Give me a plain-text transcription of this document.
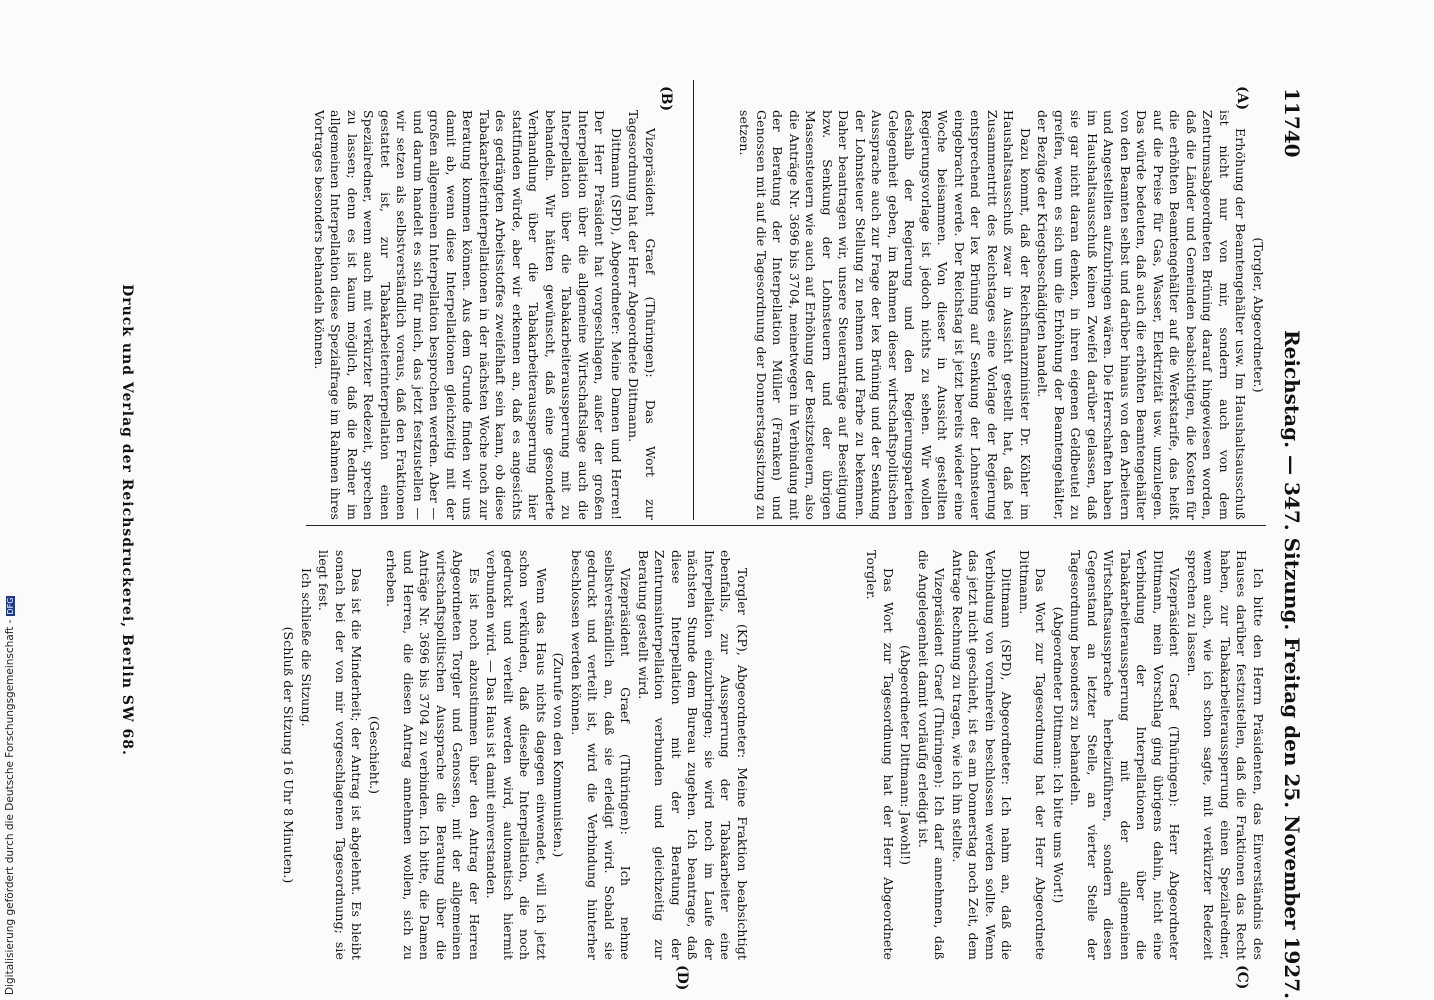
11740
Reichstag. — 347. Sitzung. Freitag den 25. November 1927.
(A)
(B)
(C)
(D)

(Torgler, Abgeordneter.)

Erhöhung der Beamtengehälter usw. Im Haushaltsausschuß ist nicht nur von mir, sondern auch von dem Zentrumsabgeordneten Brüning darauf hingewiesen worden, daß die Länder und Gemeinden beabsichtigen, die Kosten für die erhöhten Beamtengehälter auf die Werkstarife, das heißt auf die Preise für Gas, Wasser, Elektrizität usw. umzulegen. Das würde bedeuten, daß auch die erhöhten Beamtengehälter von den Beamten selbst und darüber hinaus von den Arbeitern und Angestellten aufzubringen wären. Die Herrschaften haben im Haushaltsausschuß keinen Zweifel darüber gelassen, daß sie gar nicht daran denken, in ihren eigenen Geldbeutel zu greifen, wenn es sich um die Erhöhung der Beamtengehälter, der Bezüge der Kriegsbeschädigten handelt.

Dazu kommt, daß der Reichsfinanzminister Dr. Köhler im Haushaltsausschuß zwar in Aussicht gestellt hat, daß bei Zusammentritt des Reichstages eine Vorlage der Regierung entsprechend der lex Brüning auf Senkung der Lohnsteuer eingebracht werde. Der Reichstag ist jetzt bereits wieder eine Woche beisammen. Von dieser in Aussicht gestellten Regierungsvorlage ist jedoch nichts zu sehen. Wir wollen deshalb der Regierung und den Regierungsparteien Gelegenheit geben, im Rahmen dieser wirtschaftspolitischen Aussprache auch zur Frage der lex Brüning und der Senkung der Lohnsteuer Stellung zu nehmen und Farbe zu bekennen. Daher beantragen wir, unsere Steueranträge auf Beseitigung bzw. Senkung der Lohnsteuern und der übrigen Massensteuern wie auch auf Erhöhung der Besitzsteuern, also die Anträge Nr. 3696 bis 3704, meinetwegen in Verbindung mit der Beratung der Interpellation Müller (Franken) und Genossen mit auf die Tagesordnung der Donnerstagssitzung zu setzen.

Vizepräsident Graef (Thüringen): Das Wort zur Tagesordnung hat der Herr Abgeordnete Dittmann.

Dittmann (SPD), Abgeordneter: Meine Damen und Herren! Der Herr Präsident hat vorgeschlagen, außer der großen Interpellation über die allgemeine Wirtschaftslage auch die Interpellation über die Tabakarbeiteraussperrung mit zu behandeln. Wir hätten gewünscht, daß eine gesonderte Verhandlung über die Tabakarbeiteraussperrung hier stattfinden würde, aber wir erkennen an, daß es angesichts des gedrängten Arbeitsstoffes zweifelhaft sein kann, ob diese Tabakarbeiterinterpellationen in der nächsten Woche noch zur Beratung kommen können. Aus dem Grunde finden wir uns damit ab, wenn diese Interpellationen gleichzeitig mit der großen allgemeinen Interpellation besprochen werden. Aber — und darum handelt es sich für mich, das jetzt festzustellen — wir setzen als selbstverständlich voraus, daß den Fraktionen gestattet ist, zur Tabakarbeiterinterpellation einen Spezialredner, wenn auch mit verkürzter Redezeit, sprechen zu lassen; denn es ist kaum möglich, daß die Redner im allgemeinen Interpellation diese Spezialfrage im Rahmen ihres Vortrages besonders behandeln können.

Ich bitte den Herrn Präsidenten, das Einverständnis des Hauses darüber festzustellen, daß die Fraktionen das Recht haben, zur Tabakarbeiteraussperrung einen Spezialredner, wenn auch, wie ich schon sagte, mit verkürzter Redezeit sprechen zu lassen.

Vizepräsident Graef (Thüringen): Herr Abgeordneter Dittmann, mein Vorschlag ging übrigens dahin, nicht eine Verbindung der Interpellationen über die Tabakarbeiteraussperrung mit der allgemeinen Wirtschaftsaussprache herbeizuführen, sondern diesen Gegenstand an letzter Stelle, an vierter Stelle der Tagesordnung besonders zu behandeln.

(Abgeordneter Dittmann: Ich bitte ums Wort!)

Das Wort zur Tagesordnung hat der Herr Abgeordnete Dittmann.

Dittmann (SPD), Abgeordneter: Ich nahm an, daß die Verbindung von vornherein beschlossen werden sollte. Wenn das jetzt nicht geschieht, ist es am Donnerstag noch Zeit, dem Antrage Rechnung zu tragen, wie ich ihn stellte.

Vizepräsident Graef (Thüringen): Ich darf annehmen, daß die Angelegenheit damit vorläufig erledigt ist.

(Abgeordneter Dittmann: Jawohl!)

Das Wort zur Tagesordnung hat der Herr Abgeordnete Torgler.

Torgler (KP), Abgeordneter: Meine Fraktion beabsichtigt ebenfalls, zur Aussperrung der Tabakarbeiter eine Interpellation einzubringen; sie wird noch im Laufe der nächsten Stunde dem Bureau zugehen. Ich beantrage, daß diese Interpellation mit der Beratung der Zentrumsinterpellation verbunden und gleichzeitig zur Beratung gestellt wird.

Vizepräsident Graef (Thüringen): Ich nehme selbstverständlich an, daß sie erledigt wird. Sobald sie gedruckt und verteilt ist, wird die Verbindung hinterher beschlossen werden können.

(Zurufe von den Kommunisten.)

Wenn das Haus nichts dagegen einwendet, will ich jetzt schon verkünden, daß dieselbe Interpellation, die noch gedruckt und verteilt werden wird, automatisch hiermit verbunden wird. — Das Haus ist damit einverstanden.

Es ist noch abzustimmen über den Antrag der Herren Abgeordneten Torgler und Genossen, mit der allgemeinen wirtschaftspolitischen Aussprache die Beratung über die Anträge Nr. 3696 bis 3704 zu verbinden. Ich bitte, die Damen und Herren, die diesen Antrag annehmen wollen, sich zu erheben.

(Geschieht.)

Das ist die Minderheit; der Antrag ist abgelehnt. Es bleibt sonach bei der von mir vorgeschlagenen Tagesordnung; sie liegt fest.

Ich schließe die Sitzung.

(Schluß der Sitzung 16 Uhr 8 Minuten.)

Druck und Verlag der Reichsdruckerei, Berlin SW 68.
Digitalisierung gefördert durch die Deutsche Forschungsgemeinschaft -DFG
